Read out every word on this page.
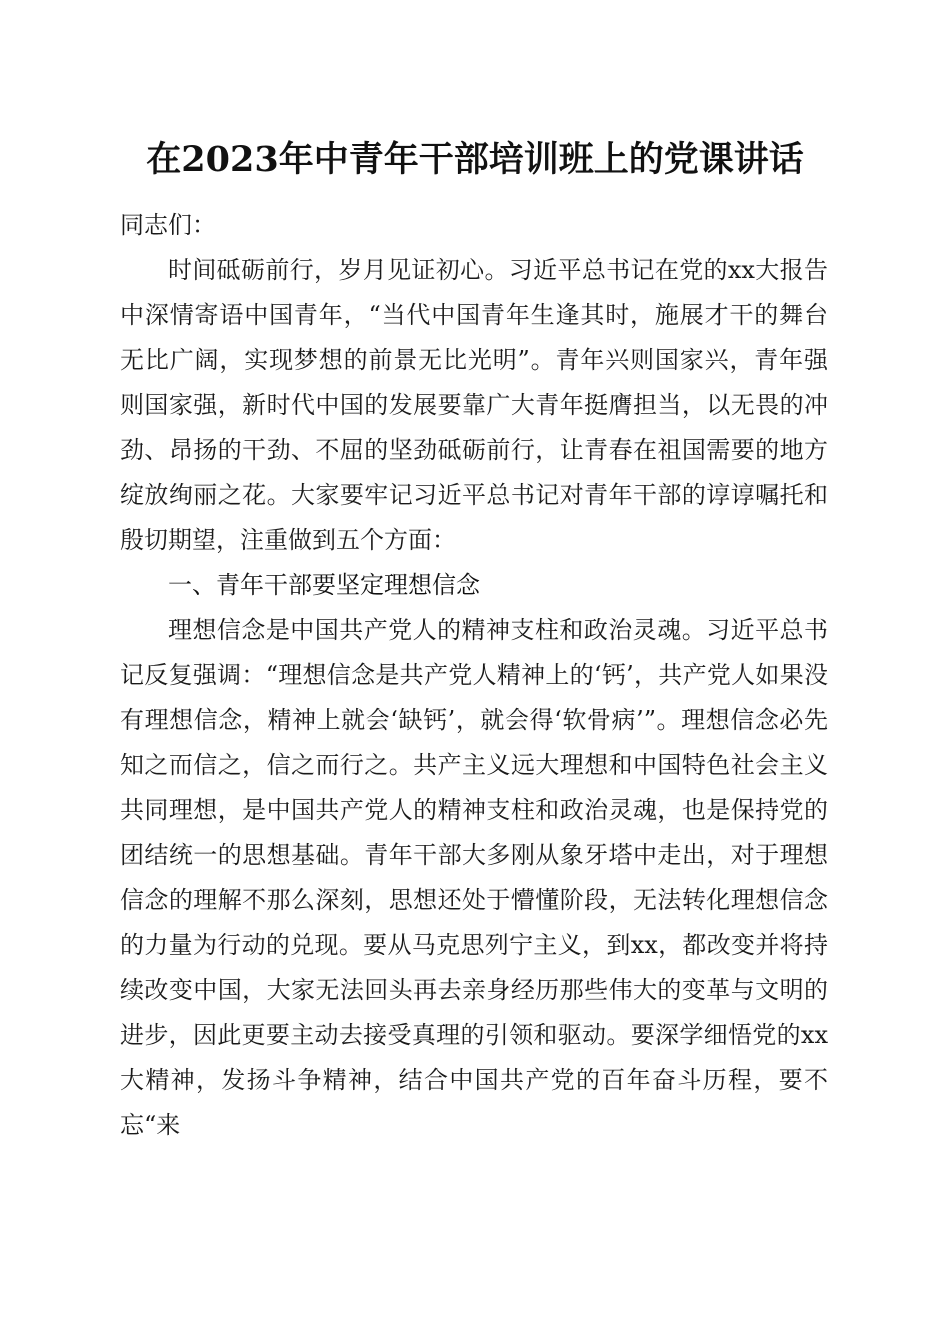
在2023年中青年干部培训班上的党课讲话

同志们：

时间砥砺前行，岁月见证初心。习近平总书记在党的xx大报告中深情寄语中国青年，“当代中国青年生逢其时，施展才干的舞台无比广阔，实现梦想的前景无比光明”。青年兴则国家兴，青年强则国家强，新时代中国的发展要靠广大青年挺膺担当，以无畏的冲劲、昂扬的干劲、不屈的坚劲砥砺前行，让青春在祖国需要的地方绽放绚丽之花。大家要牢记习近平总书记对青年干部的谆谆嘱托和殷切期望，注重做到五个方面：

一、青年干部要坚定理想信念

理想信念是中国共产党人的精神支柱和政治灵魂。习近平总书记反复强调：“理想信念是共产党人精神上的‘钙’，共产党人如果没有理想信念，精神上就会‘缺钙’，就会得‘软骨病’”。理想信念必先知之而信之，信之而行之。共产主义远大理想和中国特色社会主义共同理想，是中国共产党人的精神支柱和政治灵魂，也是保持党的团结统一的思想基础。青年干部大多刚从象牙塔中走出，对于理想信念的理解不那么深刻，思想还处于懵懂阶段，无法转化理想信念的力量为行动的兑现。要从马克思列宁主义，到xx，都改变并将持续改变中国，大家无法回头再去亲身经历那些伟大的变革与文明的进步，因此更要主动去接受真理的引领和驱动。要深学细悟党的xx大精神，发扬斗争精神，结合中国共产党的百年奋斗历程，要不忘“来
